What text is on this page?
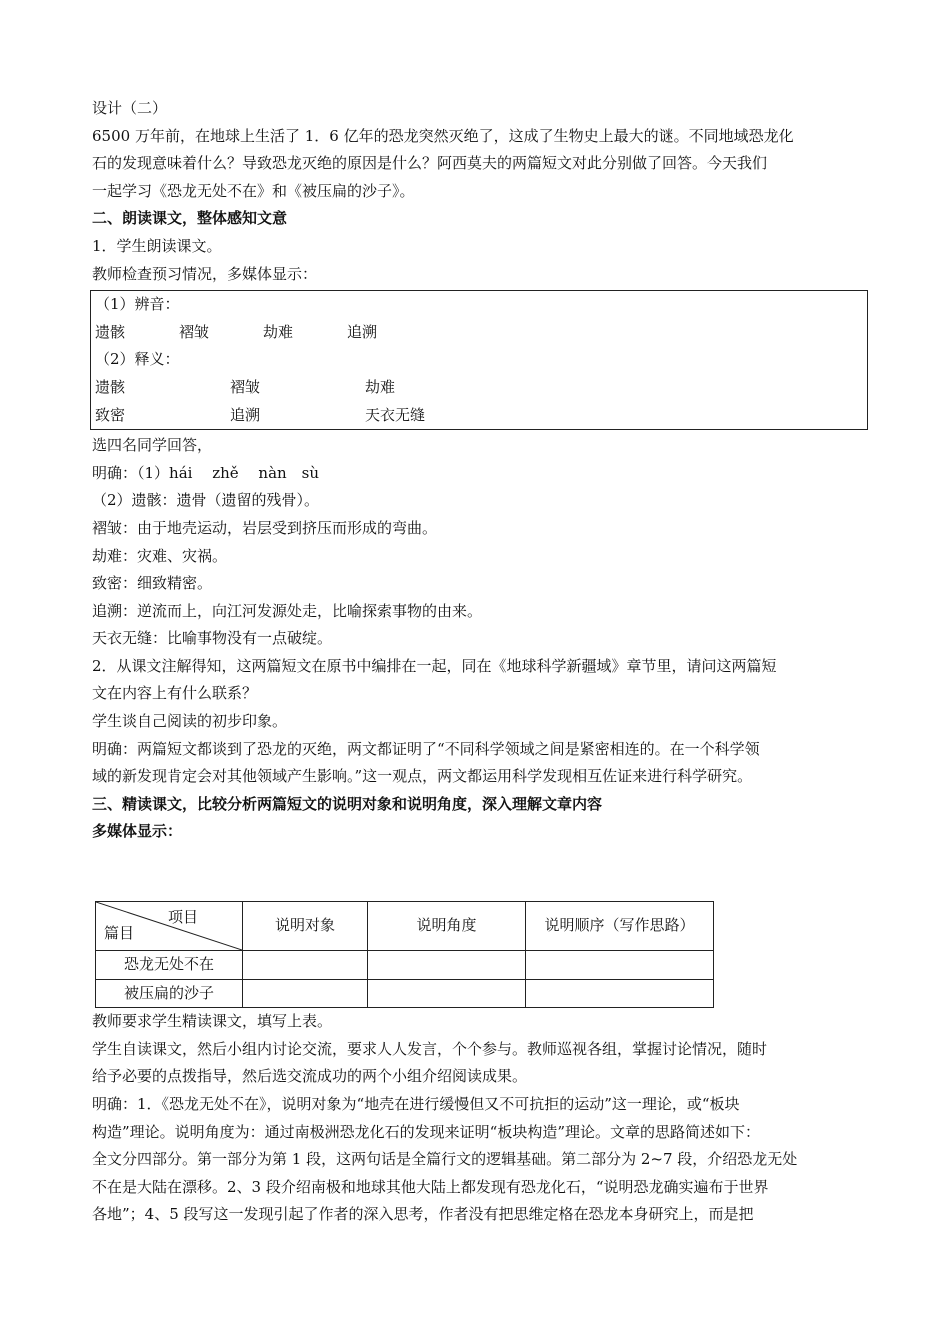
设计（二）
6500 万年前，在地球上生活了 1．6 亿年的恐龙突然灭绝了，这成了生物史上最大的谜。不同地域恐龙化
石的发现意味着什么？导致恐龙灭绝的原因是什么？阿西莫夫的两篇短文对此分别做了回答。今天我们
一起学习《恐龙无处不在》和《被压扁的沙子》。
二、朗读课文，整体感知文意
1．学生朗读课文。
教师检查预习情况，多媒体显示：
（1）辨音：
遗骸	褶皱	劫难	追溯
（2）释义：
遗骸	褶皱	劫难
致密	追溯	天衣无缝
选四名同学回答，
明确：（1）hái　 zhě　 nàn　sù
（2）遗骸：遗骨（遗留的残骨）。
褶皱：由于地壳运动，岩层受到挤压而形成的弯曲。
劫难：灾难、灾祸。
致密：细致精密。
追溯：逆流而上，向江河发源处走，比喻探索事物的由来。
天衣无缝：比喻事物没有一点破绽。
2．从课文注解得知，这两篇短文在原书中编排在一起，同在《地球科学新疆域》章节里，请问这两篇短
文在内容上有什么联系？
学生谈自己阅读的初步印象。
明确：两篇短文都谈到了恐龙的灭绝，两文都证明了“不同科学领域之间是紧密相连的。在一个科学领
域的新发现肯定会对其他领域产生影响。”这一观点，两文都运用科学发现相互佐证来进行科学研究。
三、精读课文，比较分析两篇短文的说明对象和说明角度，深入理解文章内容
多媒体显示：
项目
篇目	说明对象	说明角度	说明顺序（写作思路）
恐龙无处不在			
被压扁的沙子			
教师要求学生精读课文，填写上表。
学生自读课文，然后小组内讨论交流，要求人人发言，个个参与。教师巡视各组，掌握讨论情况，随时
给予必要的点拨指导，然后选交流成功的两个小组介绍阅读成果。
明确：1．《恐龙无处不在》，说明对象为“地壳在进行缓慢但又不可抗拒的运动”这一理论，或“板块
构造”理论。说明角度为：通过南极洲恐龙化石的发现来证明“板块构造”理论。文章的思路简述如下：
全文分四部分。第一部分为第 1 段，这两句话是全篇行文的逻辑基础。第二部分为 2~7 段，介绍恐龙无处
不在是大陆在漂移。2、3 段介绍南极和地球其他大陆上都发现有恐龙化石，“说明恐龙确实遍布于世界
各地”；4、5 段写这一发现引起了作者的深入思考，作者没有把思维定格在恐龙本身研究上，而是把
